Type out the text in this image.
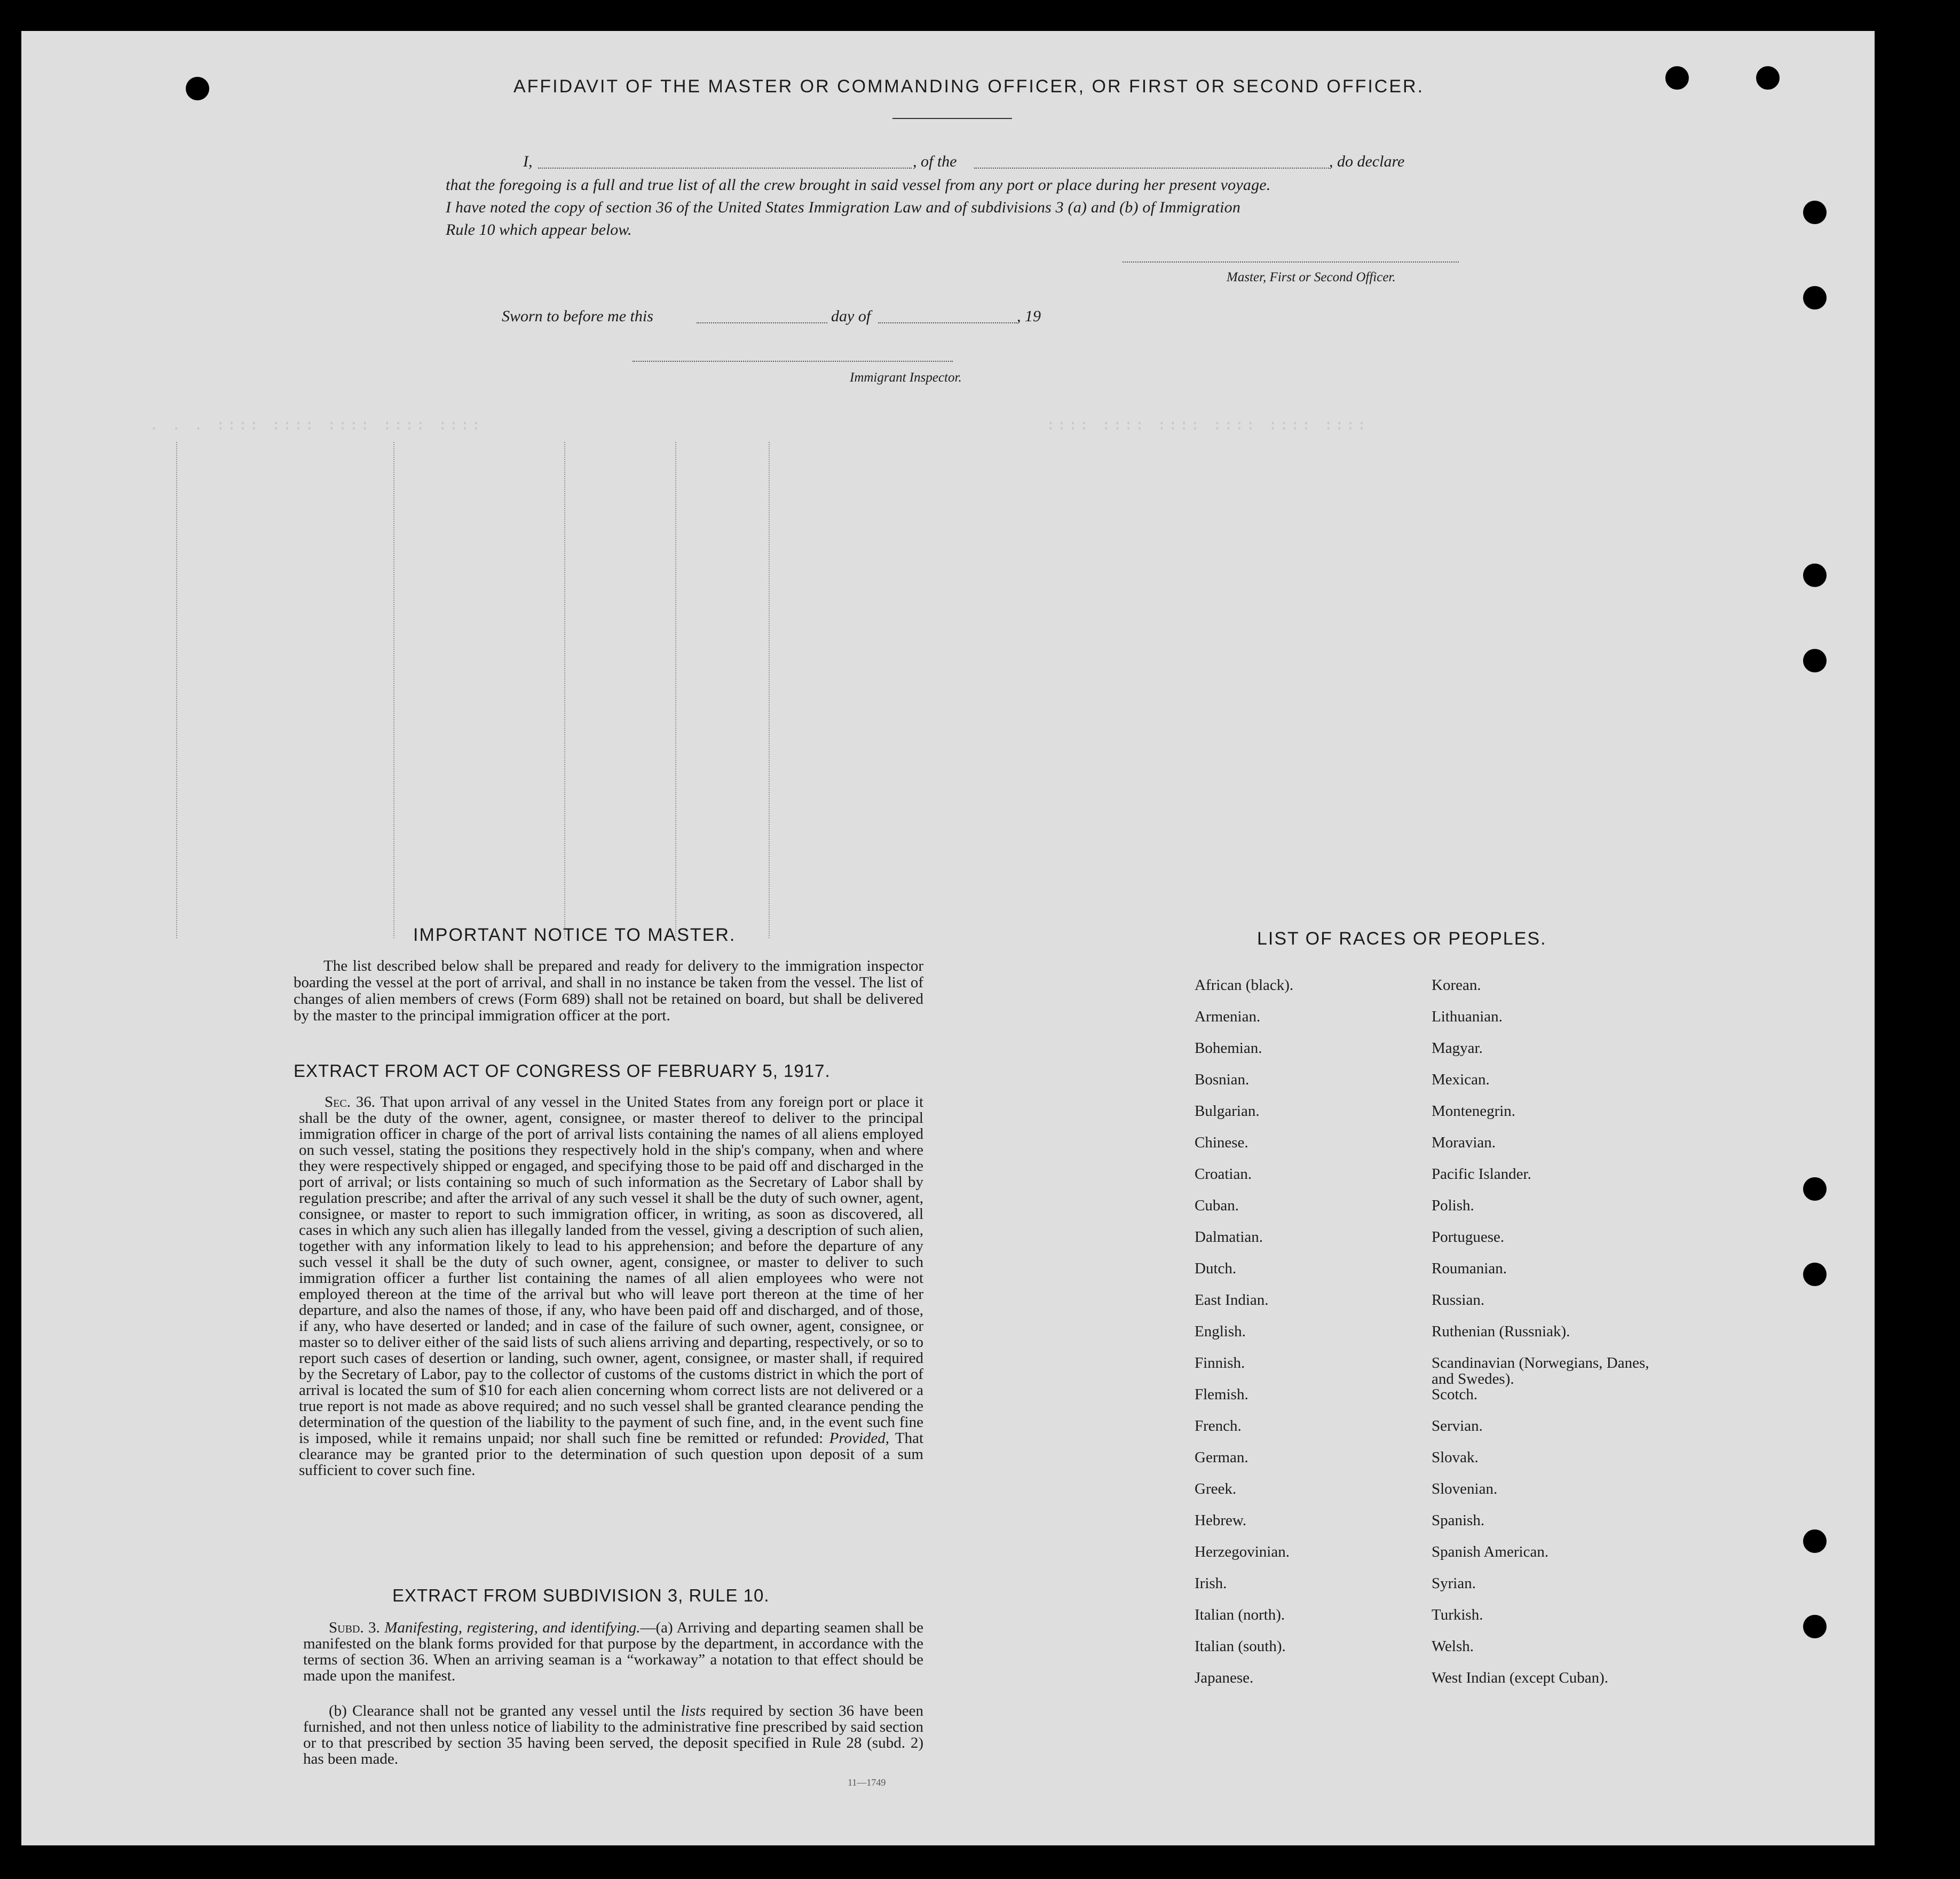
. . . :::: :::: :::: :::: ::::	:::: :::: :::: :::: :::: ::::
AFFIDAVIT OF THE MASTER OR COMMANDING OFFICER, OR FIRST OR SECOND OFFICER.
I,	, of the	, do declare
that the foregoing is a full and true list of all the crew brought in said vessel from any port or place during her present voyage.
I have noted the copy of section 36 of the United States Immigration Law and of subdivisions 3 (a) and (b) of Immigration
Rule 10 which appear below.
Master, First or Second Officer.
Sworn to before me this	day of	, 19
Immigrant Inspector.
IMPORTANT NOTICE TO MASTER.
The list described below shall be prepared and ready for delivery to the immigration inspector boarding the vessel at the port of arrival, and shall in no instance be taken from the vessel. The list of changes of alien members of crews (Form 689) shall not be retained on board, but shall be delivered by the master to the principal immigration officer at the port.
EXTRACT FROM ACT OF CONGRESS OF FEBRUARY 5, 1917.
Sec. 36. That upon arrival of any vessel in the United States from any foreign port or place it shall be the duty of the owner, agent, consignee, or master thereof to deliver to the principal immigration officer in charge of the port of arrival lists containing the names of all aliens employed on such vessel, stating the positions they respectively hold in the ship's company, when and where they were respectively shipped or engaged, and specifying those to be paid off and discharged in the port of arrival; or lists containing so much of such information as the Secretary of Labor shall by regulation prescribe; and after the arrival of any such vessel it shall be the duty of such owner, agent, consignee, or master to report to such immigration officer, in writing, as soon as discovered, all cases in which any such alien has illegally landed from the vessel, giving a description of such alien, together with any information likely to lead to his apprehension; and before the departure of any such vessel it shall be the duty of such owner, agent, consignee, or master to deliver to such immigration officer a further list containing the names of all alien employees who were not employed thereon at the time of the arrival but who will leave port thereon at the time of her departure, and also the names of those, if any, who have been paid off and discharged, and of those, if any, who have deserted or landed; and in case of the failure of such owner, agent, consignee, or master so to deliver either of the said lists of such aliens arriving and departing, respectively, or so to report such cases of desertion or landing, such owner, agent, consignee, or master shall, if required by the Secretary of Labor, pay to the collector of customs of the customs district in which the port of arrival is located the sum of $10 for each alien concerning whom correct lists are not delivered or a true report is not made as above required; and no such vessel shall be granted clearance pending the determination of the question of the liability to the payment of such fine, and, in the event such fine is imposed, while it remains unpaid; nor shall such fine be remitted or refunded: Provided, That clearance may be granted prior to the determination of such question upon deposit of a sum sufficient to cover such fine.
EXTRACT FROM SUBDIVISION 3, RULE 10.
Subd. 3. Manifesting, registering, and identifying.—(a) Arriving and departing seamen shall be manifested on the blank forms provided for that purpose by the department, in accordance with the terms of section 36. When an arriving seaman is a “workaway” a notation to that effect should be made upon the manifest.
(b) Clearance shall not be granted any vessel until the lists required by section 36 have been furnished, and not then unless notice of liability to the administrative fine prescribed by said section or to that prescribed by section 35 having been served, the deposit specified in Rule 28 (subd. 2) has been made.
11—1749
LIST OF RACES OR PEOPLES.
African (black).
Armenian.
Bohemian.
Bosnian.
Bulgarian.
Chinese.
Croatian.
Cuban.
Dalmatian.
Dutch.
East Indian.
English.
Finnish.
Flemish.
French.
German.
Greek.
Hebrew.
Herzegovinian.
Irish.
Italian (north).
Italian (south).
Japanese.
Korean.
Lithuanian.
Magyar.
Mexican.
Montenegrin.
Moravian.
Pacific Islander.
Polish.
Portuguese.
Roumanian.
Russian.
Ruthenian (Russniak).
Scandinavian (Norwegians, Danes, and Swedes).
Scotch.
Servian.
Slovak.
Slovenian.
Spanish.
Spanish American.
Syrian.
Turkish.
Welsh.
West Indian (except Cuban).
